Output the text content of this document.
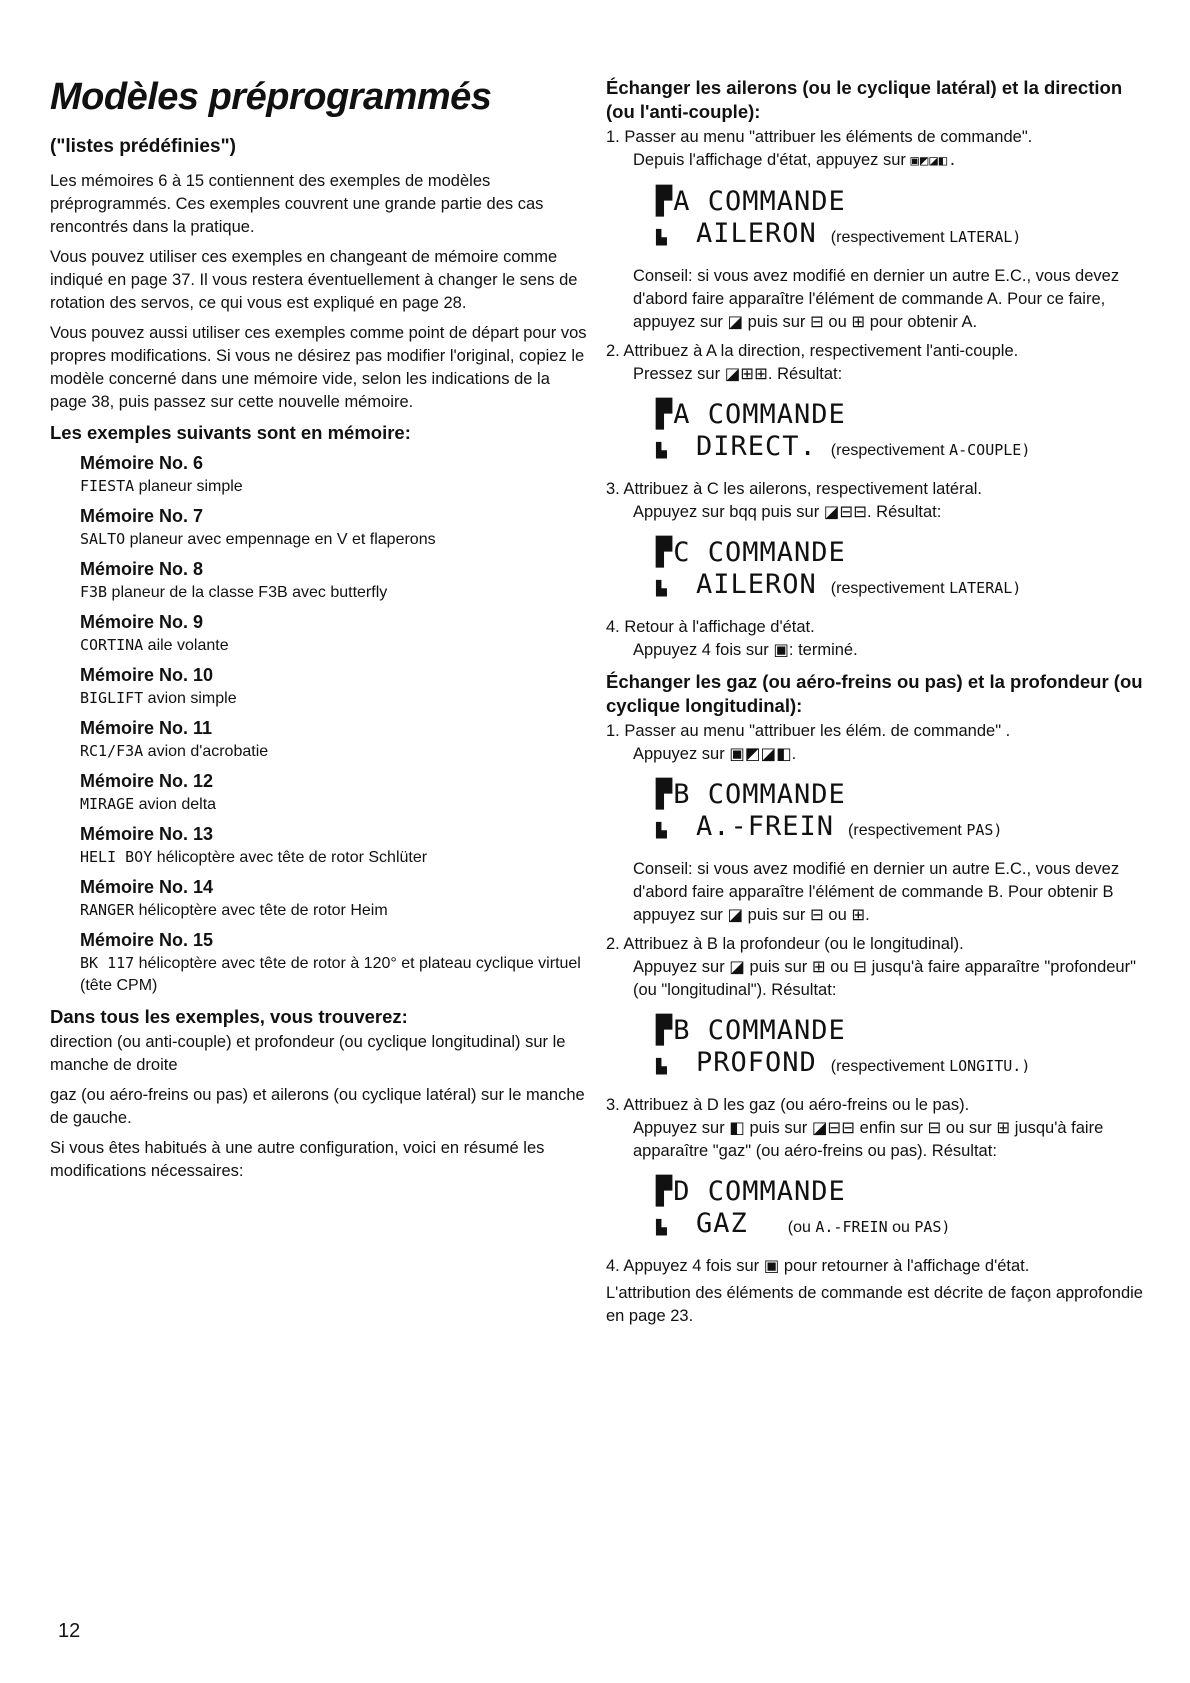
Modèles préprogrammés
("listes prédéfinies")

Les mémoires 6 à 15 contiennent des exemples de modèles préprogrammés. Ces exemples couvrent une grande partie des cas rencontrés dans la pratique.

Vous pouvez utiliser ces exemples en changeant de mémoire comme indiqué en page 37. Il vous restera éventuellement à changer le sens de rotation des servos, ce qui vous est expliqué en page 28.

Vous pouvez aussi utiliser ces exemples comme point de départ pour vos propres modifications. Si vous ne désirez pas modifier l'original, copiez le modèle concerné dans une mémoire vide, selon les indications de la page 38, puis passez sur cette nouvelle mémoire.

Les exemples suivants sont en mémoire:
Mémoire No. 6
FIESTA planeur simple
Mémoire No. 7
SALTO planeur avec empennage en V et flaperons
Mémoire No. 8
F3B planeur de la classe F3B avec butterfly
Mémoire No. 9
CORTINA aile volante
Mémoire No. 10
BIGLIFT avion simple
Mémoire No. 11
RC1/F3A avion d'acrobatie
Mémoire No. 12
MIRAGE avion delta
Mémoire No. 13
HELI BOY hélicoptère avec tête de rotor Schlüter
Mémoire No. 14
RANGER hélicoptère avec tête de rotor Heim
Mémoire No. 15
BK 117 hélicoptère avec tête de rotor à 120° et plateau cyclique virtuel (tête CPM)
Dans tous les exemples, vous trouverez:

direction (ou anti-couple) et profondeur (ou cyclique longitudinal) sur le manche de droite

gaz (ou aéro-freins ou pas) et ailerons (ou cyclique latéral) sur le manche de gauche.

Si vous êtes habitués à une autre configuration, voici en résumé les modifications nécessaires:

Échanger les ailerons (ou le cyclique latéral) et la direction (ou l'anti-couple):
1. Passer au menu "attribuer les éléments de commande".
Depuis l'affichage d'état, appuyez sur ▣◩◪◧.
▛A COMMANDE
▙	AILERON (respectivement
LATERAL)
Conseil: si vous avez modifié en dernier un autre E.C., vous devez d'abord faire apparaître l'élément de commande A. Pour ce faire, appuyez sur ◪ puis sur ⊟ ou ⊞ pour obtenir A.
2. Attribuez à A la direction, respectivement l'anti-couple.
Pressez sur ◪⊞⊞. Résultat:
▛A COMMANDE
▙	DIRECT. (respectivement
A-COUPLE)
3. Attribuez à C les ailerons, respectivement latéral.
Appuyez sur bqq puis sur ◪⊟⊟. Résultat:
▛C COMMANDE
▙	AILERON (respectivement
LATERAL)
4. Retour à l'affichage d'état.
Appuyez 4 fois sur ▣: terminé.
Échanger les gaz (ou aéro-freins ou pas) et la profondeur (ou cyclique longitudinal):
1. Passer au menu "attribuer les élém. de commande" .
Appuyez sur ▣◩◪◧.
▛B COMMANDE
▙	A.-FREIN (respectivement
PAS)
Conseil: si vous avez modifié en dernier un autre E.C., vous devez d'abord faire apparaître l'élément de commande B. Pour obtenir B appuyez sur ◪ puis sur ⊟ ou ⊞.
2. Attribuez à B la profondeur (ou le longitudinal).
Appuyez sur ◪ puis sur ⊞ ou ⊟ jusqu'à faire apparaître "profondeur" (ou "longitudinal"). Résultat:
▛B COMMANDE
▙	PROFOND (respectivement
LONGITU.)
3. Attribuez à D les gaz (ou aéro-freins ou le pas).
Appuyez sur ◧ puis sur ◪⊟⊟ enfin sur ⊟ ou sur ⊞ jusqu'à faire apparaître "gaz" (ou aéro-freins ou pas). Résultat:
▛D COMMANDE
▙	GAZ	(ou
A.-FREIN
ou
PAS)
4. Appuyez 4 fois sur ▣ pour retourner à l'affichage d'état.
L'attribution des éléments de commande est décrite de façon approfondie en page 23.
12
